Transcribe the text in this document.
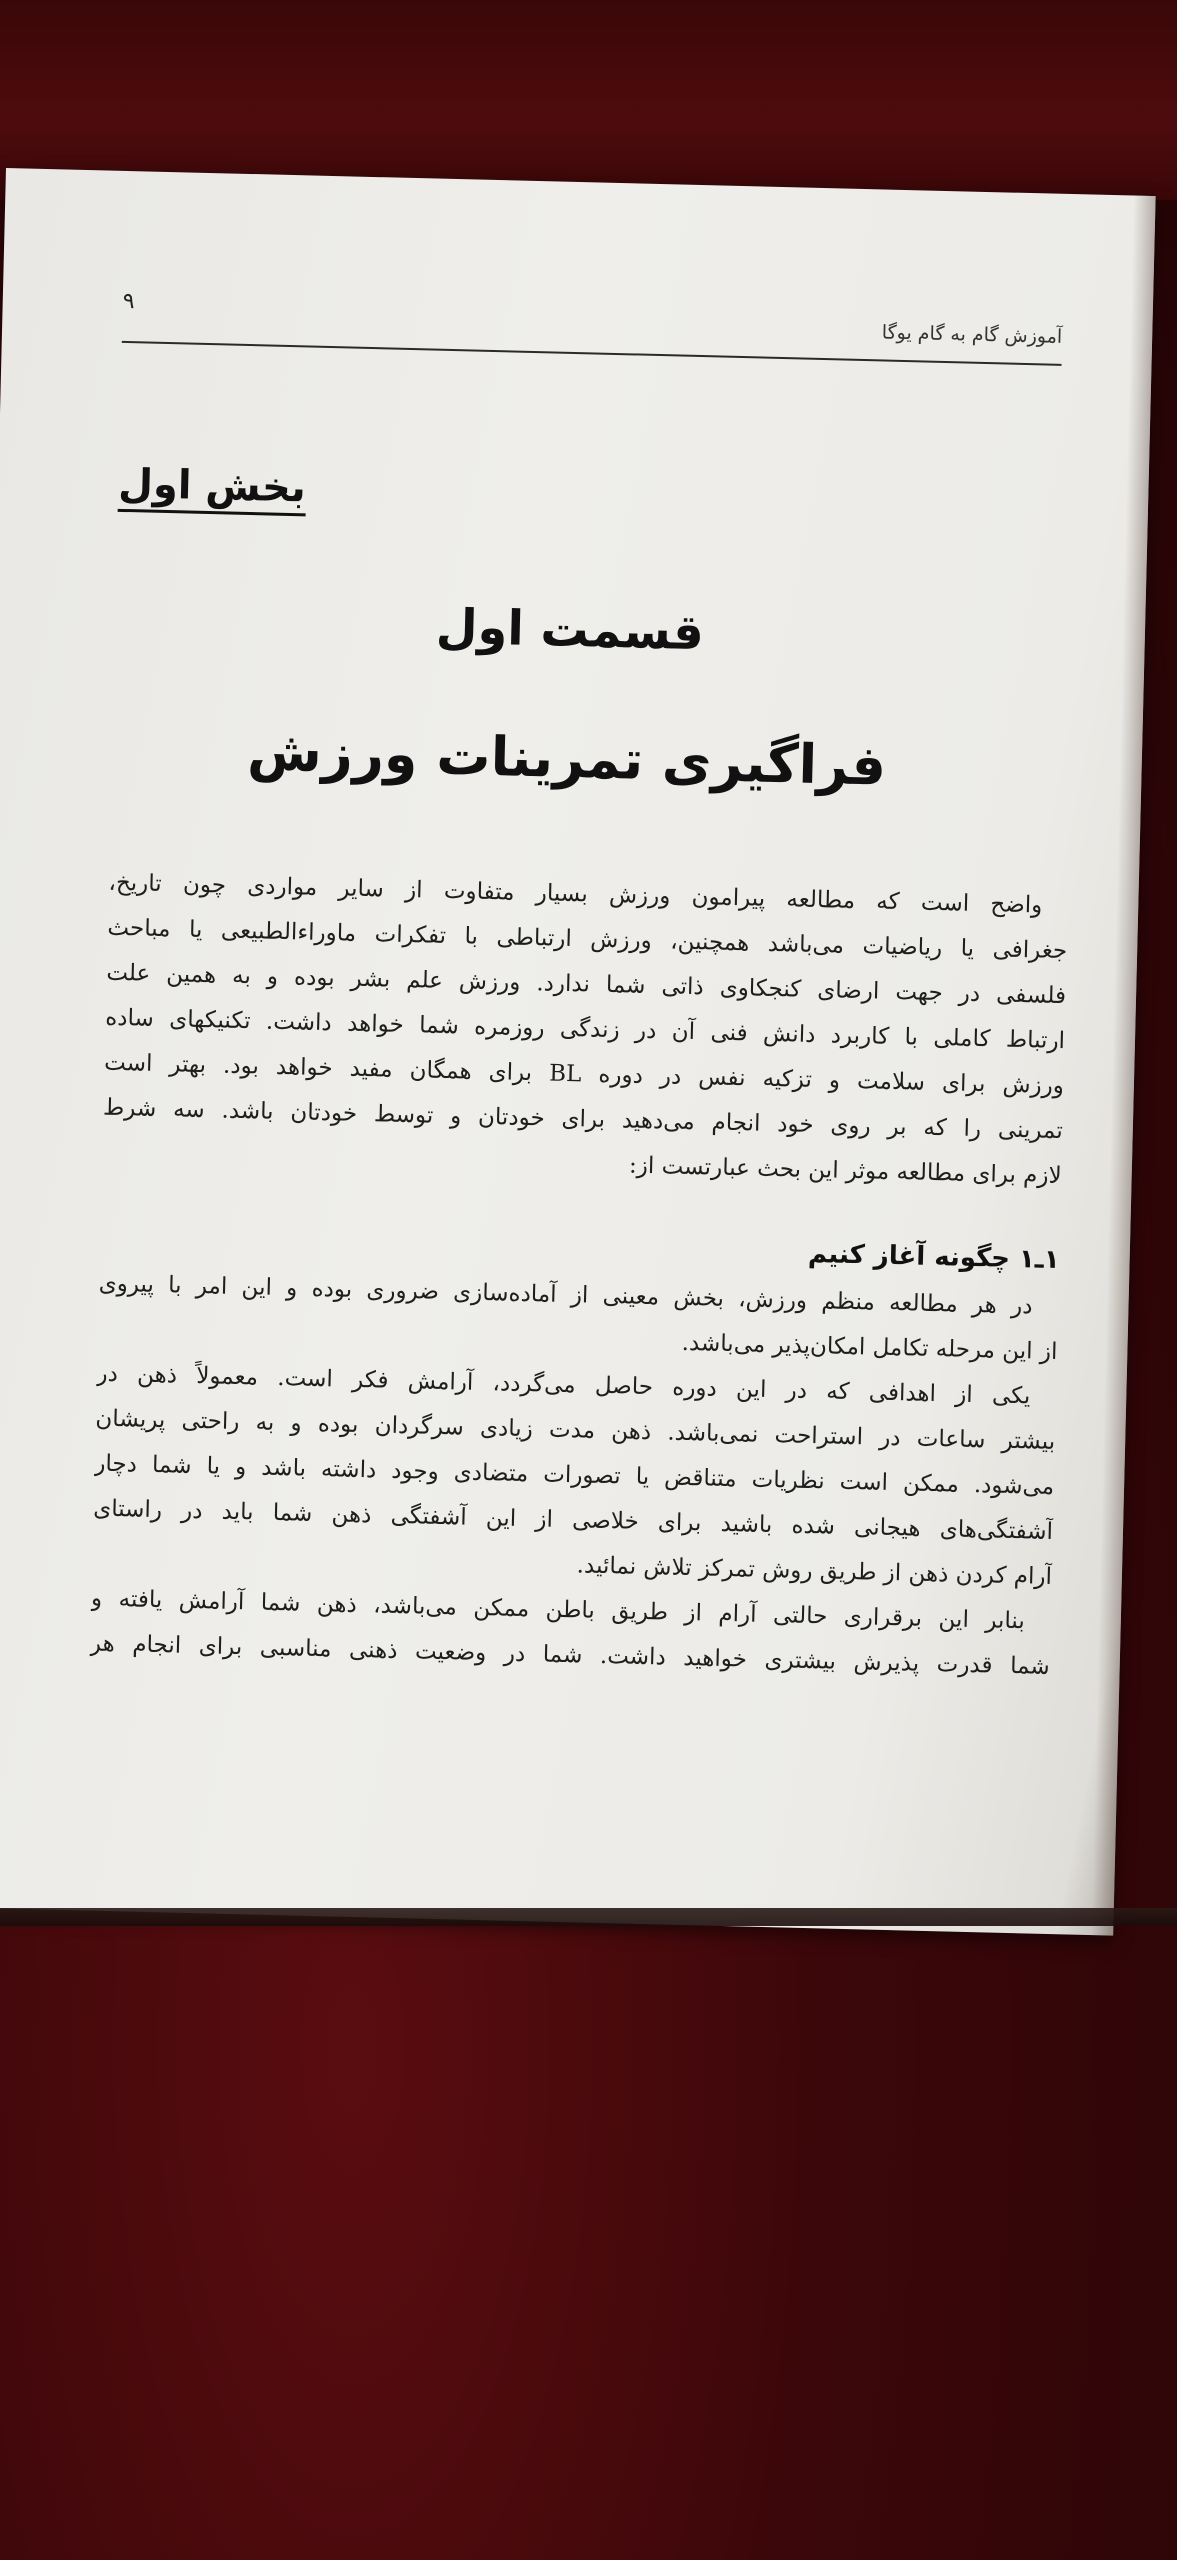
آموزش گام به گام یوگا
۹
بخش اول
قسمت اول
فراگیری تمرینات ورزش
واضح است که مطالعه پیرامون ورزش بسیار متفاوت از سایر مواردی چون تاریخ،
جغرافی یا ریاضیات می‌باشد همچنین، ورزش ارتباطی با تفکرات ماوراءالطبیعی یا مباحث
فلسفی در جهت ارضای کنجکاوی ذاتی شما ندارد. ورزش علم بشر بوده و به همین علت
ارتباط کاملی با کاربرد دانش فنی آن در زندگی روزمره شما خواهد داشت. تکنیکهای ساده
ورزش برای سلامت و تزکیه نفس در دوره BL برای همگان مفید خواهد بود. بهتر است
تمرینی را که بر روی خود انجام می‌دهید برای خودتان و توسط خودتان باشد. سه شرط
لازم برای مطالعه موثر این بحث عبارتست از:
۱ـ۱ چگونه آغاز کنیم
در هر مطالعه منظم ورزش، بخش معینی از آماده‌سازی ضروری بوده و این امر با پیروی
از این مرحله تکامل امکان‌پذیر می‌باشد.
یکی از اهدافی که در این دوره حاصل می‌گردد، آرامش فکر است. معمولاً ذهن در
بیشتر ساعات در استراحت نمی‌باشد. ذهن مدت زیادی سرگردان بوده و به راحتی پریشان
می‌شود. ممکن است نظریات متناقض یا تصورات متضادی وجود داشته باشد و یا شما دچار
آشفتگی‌های هیجانی شده باشید برای خلاصی از این آشفتگی ذهن شما باید در راستای
آرام کردن ذهن از طریق روش تمرکز تلاش نمائید.
بنابر این برقراری حالتی آرام از طریق باطن ممکن می‌باشد، ذهن شما آرامش یافته و
شما قدرت پذیرش بیشتری خواهید داشت. شما در وضعیت ذهنی مناسبی برای انجام هر
